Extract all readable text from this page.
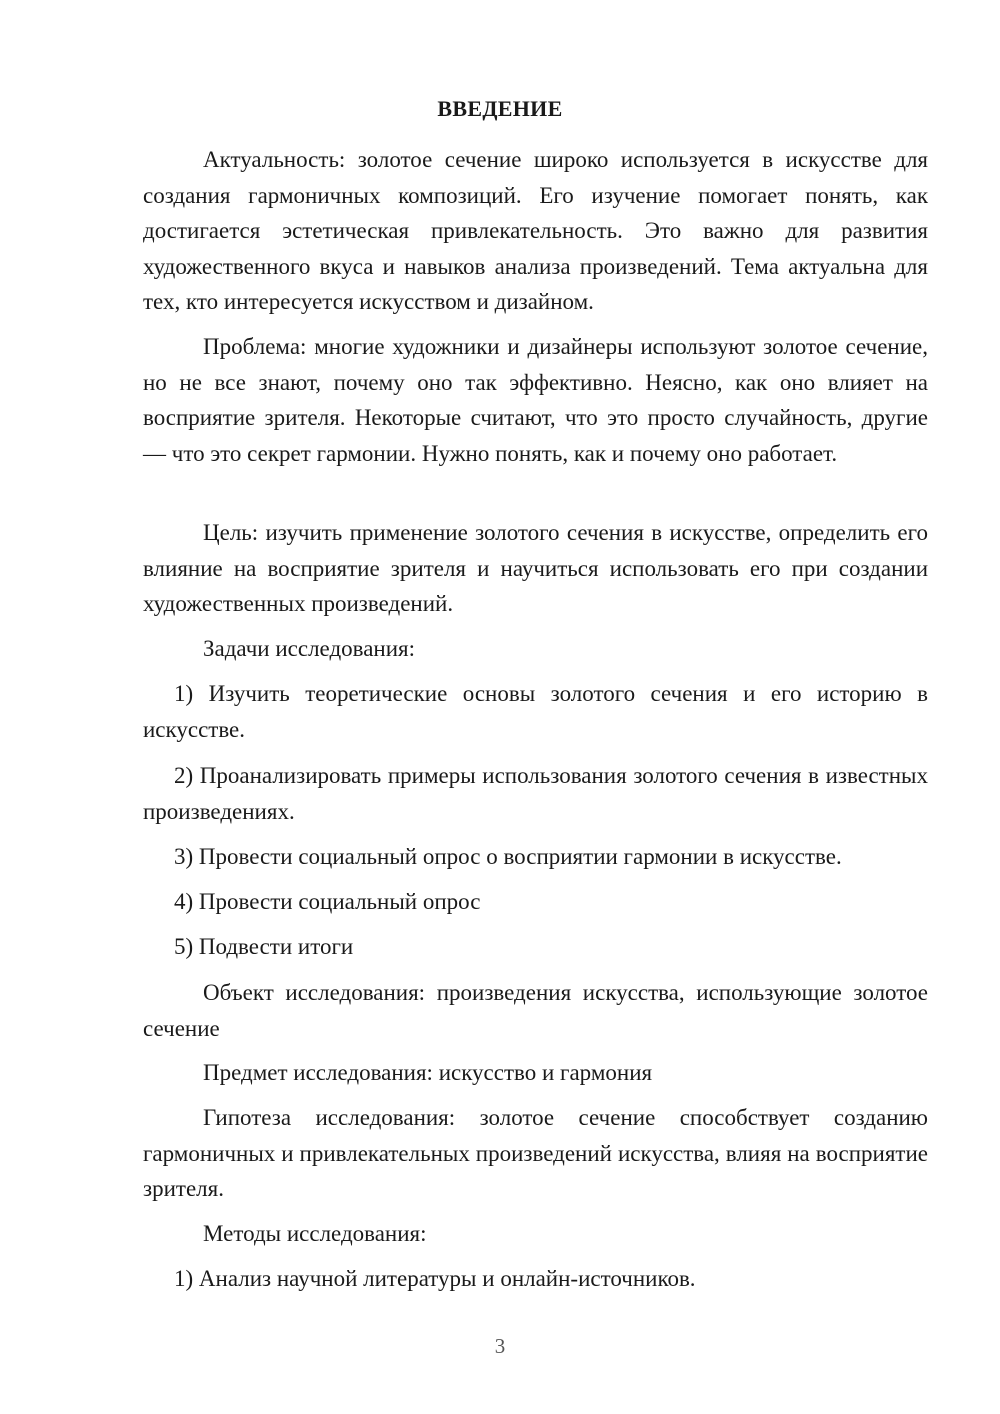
ВВЕДЕНИЕ

Актуальность: золотое сечение широко используется в искусстве для создания гармоничных композиций. Его изучение помогает понять, как достигается эстетическая привлекательность. Это важно для развития художественного вкуса и навыков анализа произведений. Тема актуальна для тех, кто интересуется искусством и дизайном.

Проблема: многие художники и дизайнеры используют золотое сечение, но не все знают, почему оно так эффективно. Неясно, как оно влияет на восприятие зрителя. Некоторые считают, что это просто случайность, другие — что это секрет гармонии. Нужно понять, как и почему оно работает.

Цель: изучить применение золотого сечения в искусстве, определить его влияние на восприятие зрителя и научиться использовать его при создании художественных произведений.

Задачи исследования:

1) Изучить теоретические основы золотого сечения и его историю в искусстве.

2) Проанализировать примеры использования золотого сечения в известных произведениях.

3) Провести социальный опрос о восприятии гармонии в искусстве.

4) Провести социальный опрос

5) Подвести итоги

Объект исследования: произведения искусства, использующие золотое сечение

Предмет исследования: искусство и гармония

Гипотеза исследования: золотое сечение способствует созданию гармоничных и привлекательных произведений искусства, влияя на восприятие зрителя.

Методы исследования:

1) Анализ научной литературы и онлайн-источников.

3
